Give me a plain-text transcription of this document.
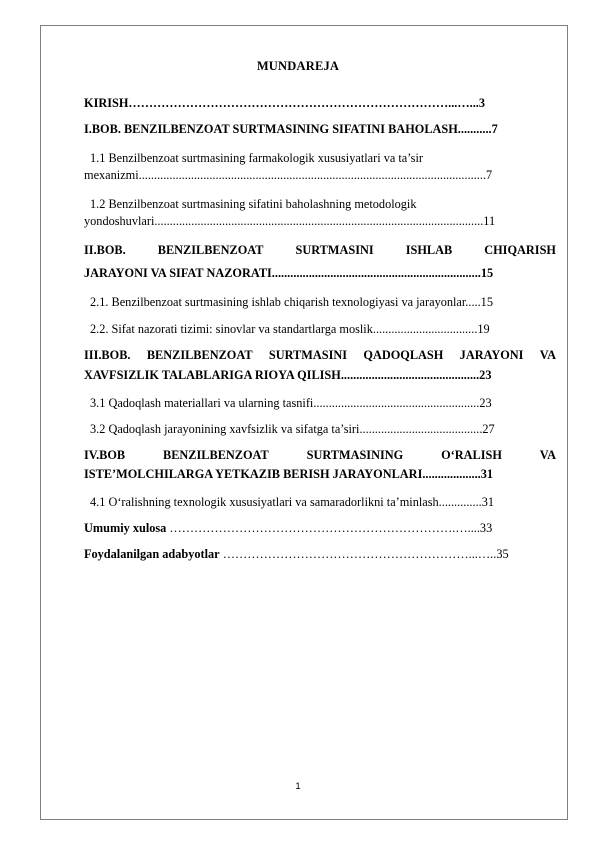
MUNDAREJA
KIRISH……………………………………………………………………...…...3
I.BOB. BENZILBENZOAT SURTMASINING SIFATINI BAHOLASH...........7
1.1 Benzilbenzoat surtmasining farmakologik xususiyatlari va ta’sir
mexanizmi.................................................................................................................7
1.2 Benzilbenzoat surtmasining sifatini baholashning metodologik
yondoshuvlari...........................................................................................................11
II.BOB.	BENZILBENZOAT	SURTMASINI	ISHLAB	CHIQARISH
JARAYONI VA SIFAT NAZORATI....................................................................15
2.1. Benzilbenzoat surtmasining ishlab chiqarish texnologiyasi va jarayonlar.....15
2.2. Sifat nazorati tizimi: sinovlar va standartlarga moslik..................................19
III.BOB. BENZILBENZOAT SURTMASINI QADOQLASH JARAYONI VA
XAVFSIZLIK TALABLARIGA RIOYA QILISH.............................................23
3.1 Qadoqlash materiallari va ularning tasnifi......................................................23
3.2 Qadoqlash jarayonining xavfsizlik va sifatga ta’siri........................................27
IV.BOB	BENZILBENZOAT	SURTMASINING	O‘RALISH	VA
ISTE’MOLCHILARGA YETKAZIB BERISH JARAYONLARI...................31
4.1 O‘ralishning texnologik xususiyatlari va samaradorlikni ta’minlash..............31
Umumiy xulosa …………………………………………………………….…....33
Foydalanilgan adabyotlar ……………………………………………………...…..35
1
